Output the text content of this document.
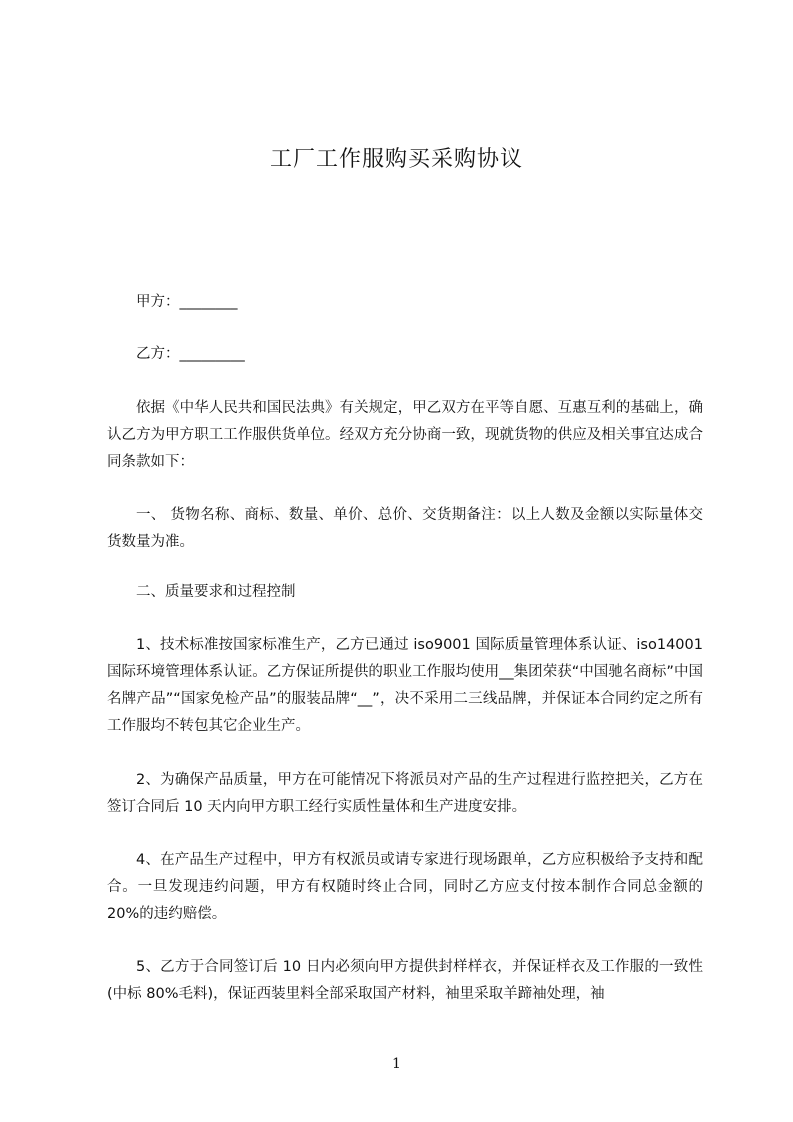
工厂工作服购买采购协议
甲方：________
乙方：_________

依据《中华人民共和国民法典》有关规定，甲乙双方在平等自愿、互惠互利的基础上，确认乙方为甲方职工工作服供货单位。经双方充分协商一致，现就货物的供应及相关事宜达成合同条款如下：

一、 货物名称、商标、数量、单价、总价、交货期备注：以上人数及金额以实际量体交货数量为准。

二、质量要求和过程控制

1、技术标准按国家标准生产，乙方已通过 iso9001 国际质量管理体系认证、iso14001 国际环境管理体系认证。乙方保证所提供的职业工作服均使用__集团荣获“中国驰名商标”中国名牌产品”“国家免检产品”的服装品牌“__”，决不采用二三线品牌，并保证本合同约定之所有工作服均不转包其它企业生产。

2、为确保产品质量，甲方在可能情况下将派员对产品的生产过程进行监控把关，乙方在签订合同后 10 天内向甲方职工经行实质性量体和生产进度安排。

4、在产品生产过程中，甲方有权派员或请专家进行现场跟单，乙方应积极给予支持和配合。一旦发现违约问题，甲方有权随时终止合同，同时乙方应支付按本制作合同总金额的 20%的违约赔偿。

5、乙方于合同签订后 10 日内必须向甲方提供封样样衣，并保证样衣及工作服的一致性(中标 80%毛料)，保证西装里料全部采取国产材料，袖里采取羊蹄袖处理，袖

1
